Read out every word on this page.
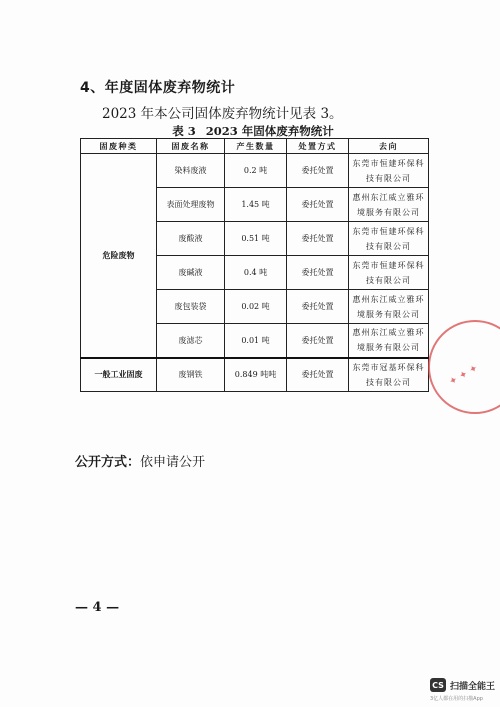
4、年度固体废弃物统计
2023 年本公司固体废弃物统计见表 3。
表 3 2023 年固体废弃物统计
固废种类	固废名称	产生数量	处置方式	去向
危险废物	染料废液	0.2 吨	委托处置	东莞市恒建环保科
技有限公司
	表面处理废物	1.45 吨	委托处置	惠州东江威立雅环
境服务有限公司
	废酸液	0.51 吨	委托处置	东莞市恒建环保科
技有限公司
	废碱液	0.4 吨	委托处置	东莞市恒建环保科
技有限公司
	废包装袋	0.02 吨	委托处置	惠州东江威立雅环
境服务有限公司
	废滤芯	0.01 吨	委托处置	惠州东江威立雅环
境服务有限公司
一般工业固废	废钢铁	0.849 吨吨	委托处置	东莞市冠基环保科
技有限公司	✦ ✦ ✦
公开方式：依申请公开
— 4 —
CS 扫描全能王
3亿人都在用的扫描App
